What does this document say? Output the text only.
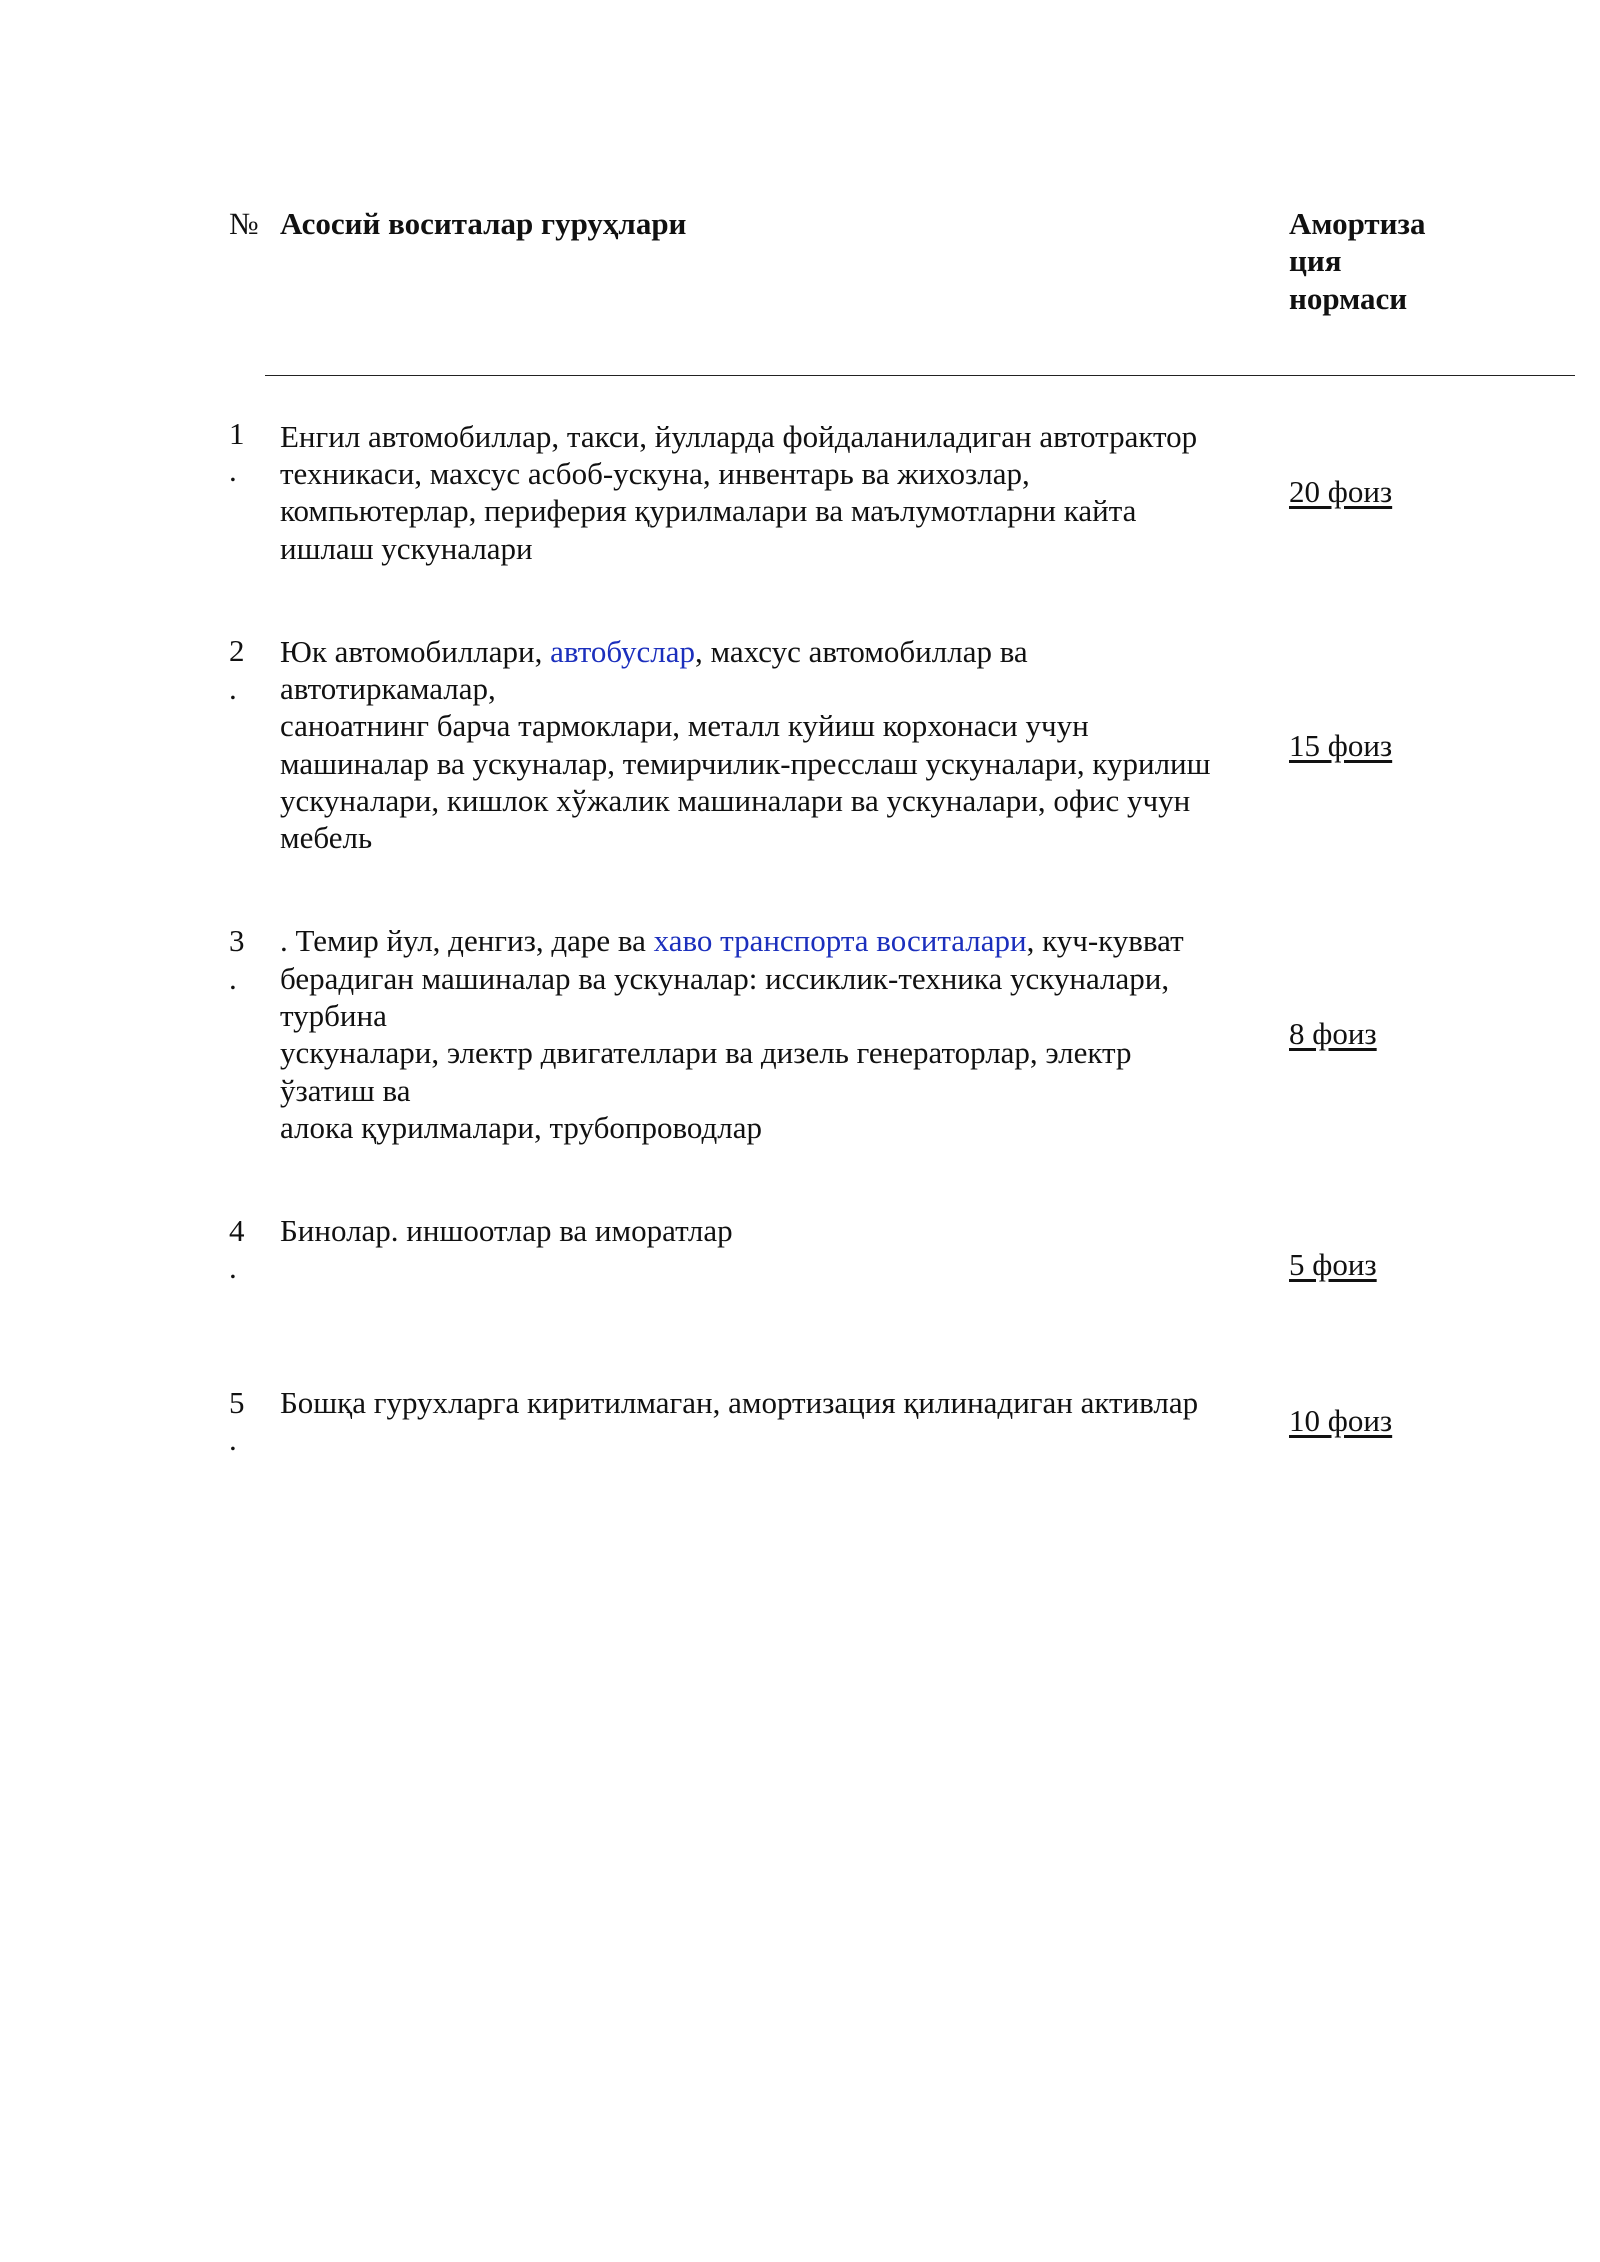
№ Асосий воситалар гуруҳлари	Амортиза
ция
нормаси
1
.
Енгил автомобиллар, такси, йулларда фойдаланиладиган автотрактор
техникаси, махсус асбоб-ускуна, инвентарь ва жихозлар,
компьютерлар, периферия қурилмалари ва маълумотларни кайта
ишлаш ускуналари
20 фоиз
2
.
Юк автомобиллари, автобуслар, махсус автомобиллар ва
автотиркамалар,
саноатнинг барча тармоклари, металл куйиш корхонаси учун
машиналар ва ускуналар, темирчилик-пресслаш ускуналари, курилиш
ускуналари, кишлок хўжалик машиналари ва ускуналари, офис учун
мебель
15 фоиз
3
.
. Темир йул, денгиз, даре ва хаво транспорта воситалари, куч-кувват
берадиган машиналар ва ускуналар: иссиклик-техника ускуналари,
турбина
ускуналари, электр двигателлари ва дизель генераторлар, электр
ўзатиш ва
алока қурилмалари, трубопроводлар
8 фоиз
4
.
Бинолар. иншоотлар ва иморатлар
5 фоиз
5
.
Бошқа гурухларга киритилмаган, амортизация қилинадиган активлар
10 фоиз
